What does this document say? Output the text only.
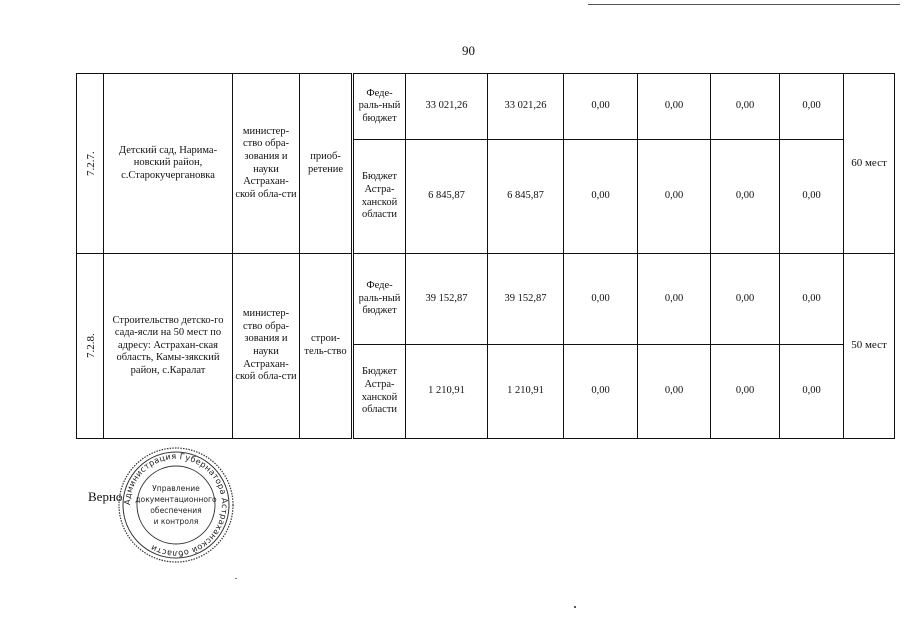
90
7.2.7.	Детский сад, Нарима-новский район, с.Старокучергановка	министер-ство обра-зования и науки Астрахан-ской обла-сти	приоб-ретение	Феде-раль-ный бюджет	33 021,26	33 021,26	0,00	0,00	0,00	0,00	60 мест
				Бюджет Астра-ханской области	6 845,87	6 845,87	0,00	0,00	0,00	0,00	
7.2.8.	Строительство детско-го сада-ясли на 50 мест по адресу: Астрахан-ская область, Камы-зякский район, с.Каралат	министер-ство обра-зования и науки Астрахан-ской обла-сти	строи-тель-ство	Феде-раль-ный бюджет	39 152,87	39 152,87	0,00	0,00	0,00	0,00	50 мест
				Бюджет Астра-ханской области	1 210,91	1 210,91	0,00	0,00	0,00	0,00	
Верно Администрация Губернатора Астраханской области
Управление
документационного
обеспечения
и контроля
